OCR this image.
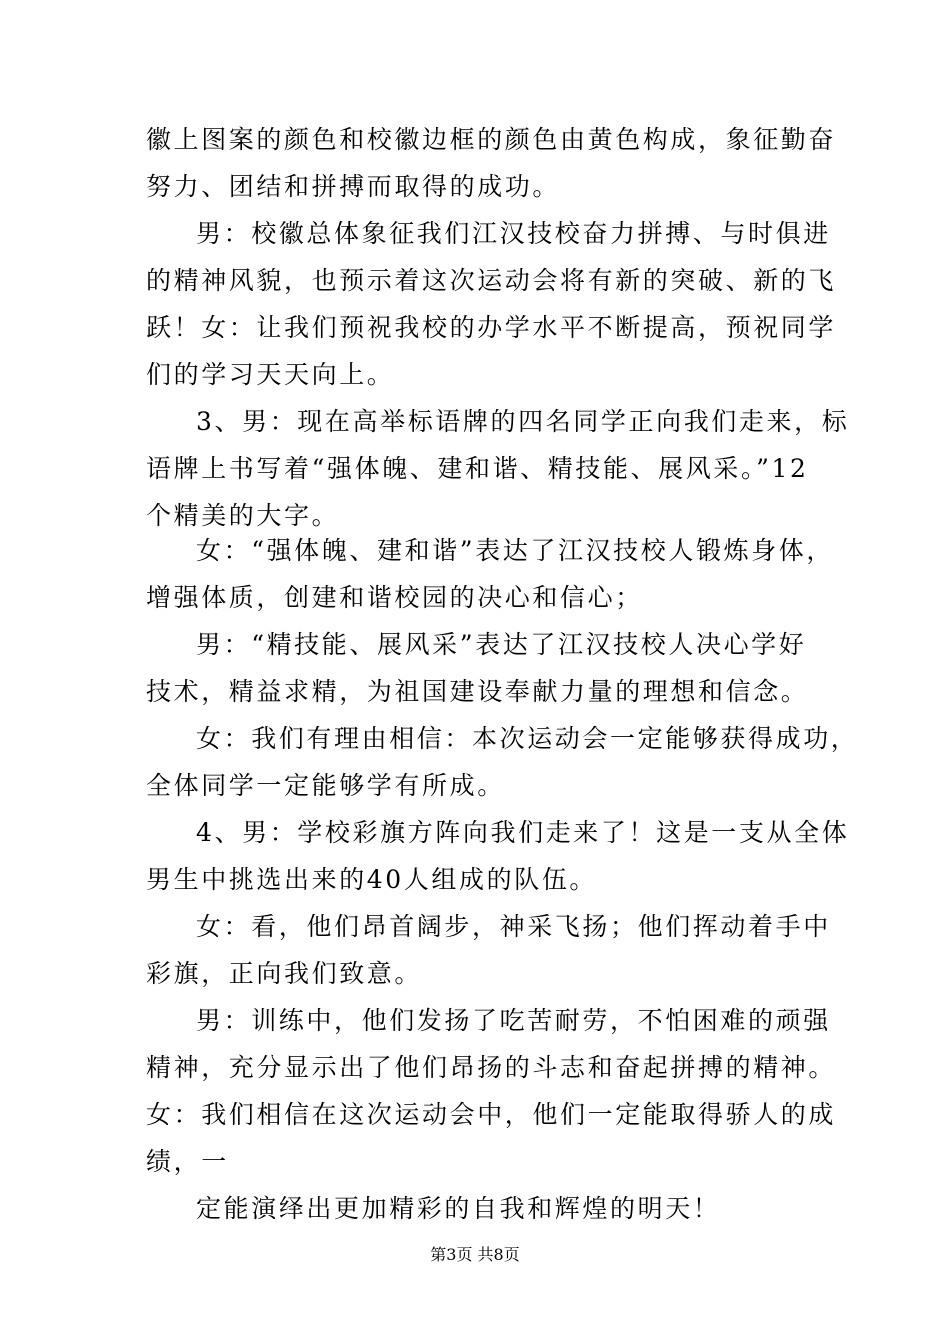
徽上图案的颜色和校徽边框的颜色由黄色构成，象征勤奋
努力、团结和拼搏而取得的成功。
男：校徽总体象征我们江汉技校奋力拼搏、与时俱进
的精神风貌，也预示着这次运动会将有新的突破、新的飞
跃！女：让我们预祝我校的办学水平不断提高，预祝同学
们的学习天天向上。
3、男：现在高举标语牌的四名同学正向我们走来，标
语牌上书写着“强体魄、建和谐、精技能、展风采。”12
个精美的大字。
女：“强体魄、建和谐”表达了江汉技校人锻炼身体，
增强体质，创建和谐校园的决心和信心；
男：“精技能、展风采”表达了江汉技校人决心学好
技术，精益求精，为祖国建设奉献力量的理想和信念。
女：我们有理由相信：本次运动会一定能够获得成功，
全体同学一定能够学有所成。
4、男：学校彩旗方阵向我们走来了！这是一支从全体
男生中挑选出来的40人组成的队伍。
女：看，他们昂首阔步，神采飞扬；他们挥动着手中
彩旗，正向我们致意。
男：训练中，他们发扬了吃苦耐劳，不怕困难的顽强
精神，充分显示出了他们昂扬的斗志和奋起拼搏的精神。
女：我们相信在这次运动会中，他们一定能取得骄人的成
绩，一
定能演绎出更加精彩的自我和辉煌的明天！
第3页 共8页
